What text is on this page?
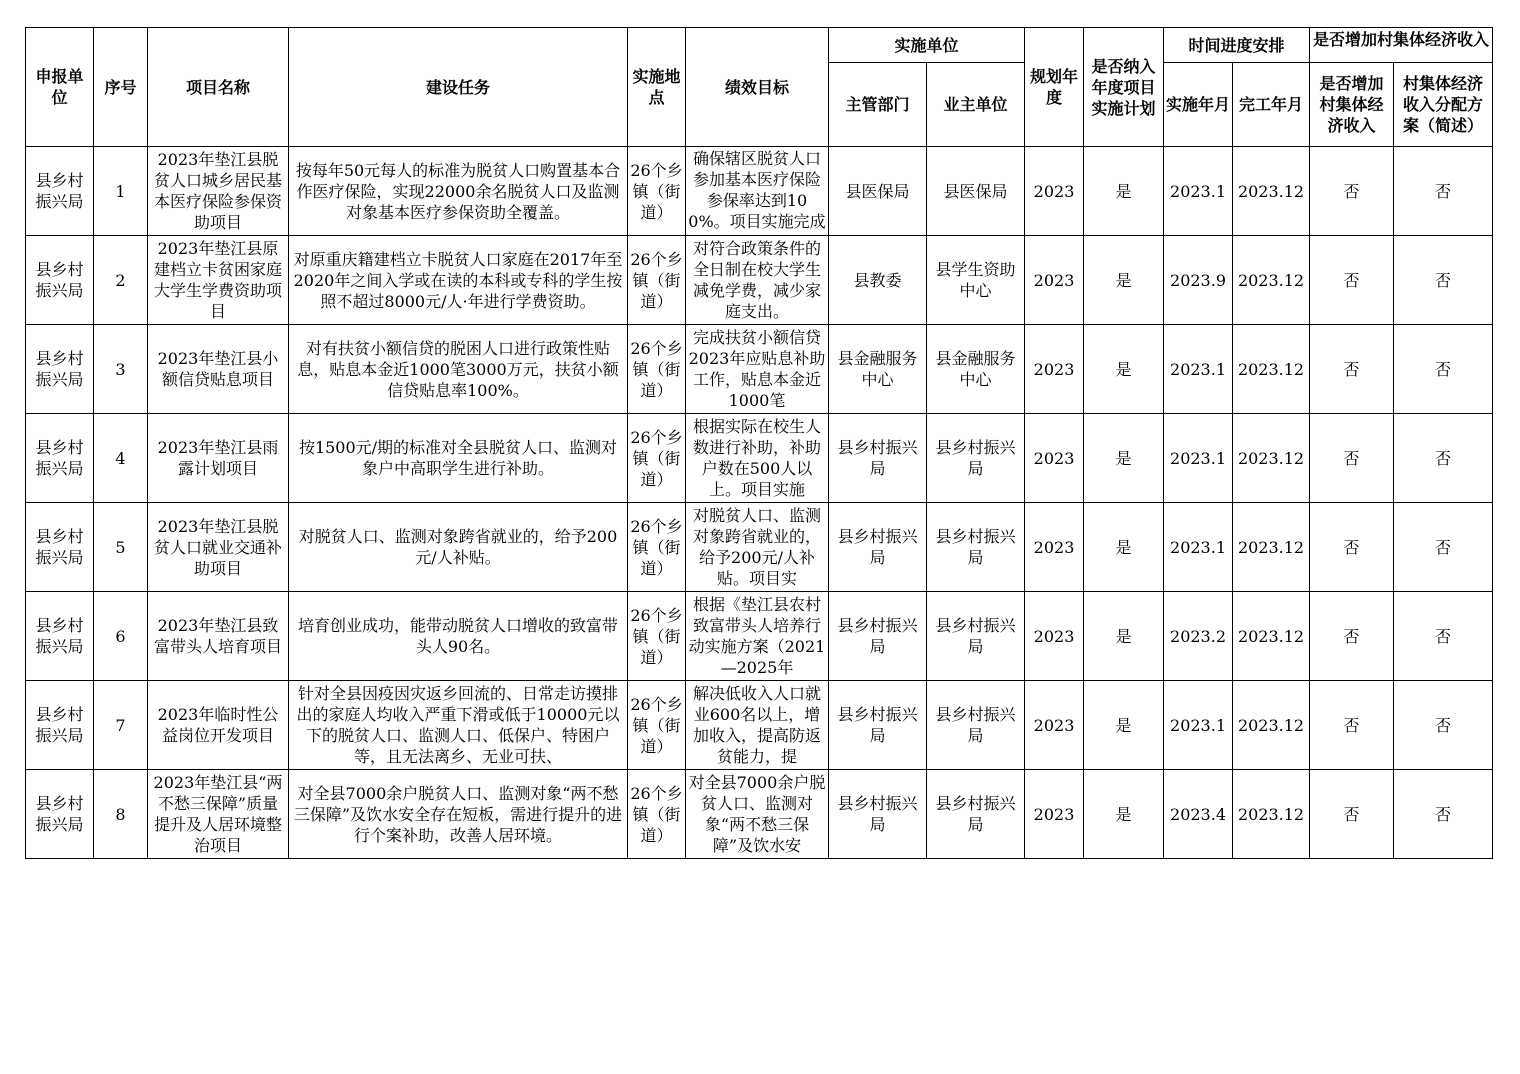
申报单位	序号	项目名称	建设任务	实施地点	绩效目标	实施单位		规划年度	是否纳入年度项目实施计划	时间进度安排		是否增加村集体经济收入	

						主管部门	业主单位			实施年月	完工年月	是否增加村集体经济收入	村集体经济收入分配方案（简述）
县乡村振兴局	1	2023年垫江县脱贫人口城乡居民基本医疗保险参保资助项目	按每年50元每人的标准为脱贫人口购置基本合作医疗保险，实现22000余名脱贫人口及监测对象基本医疗参保资助全覆盖。	26个乡镇（街道）	确保辖区脱贫人口参加基本医疗保险参保率达到100%。项目实施完成	县医保局	县医保局	2023	是	2023.1	2023.12	否	否
县乡村振兴局	2	2023年垫江县原建档立卡贫困家庭大学生学费资助项目	对原重庆籍建档立卡脱贫人口家庭在2017年至2020年之间入学或在读的本科或专科的学生按照不超过8000元/人·年进行学费资助。	26个乡镇（街道）	对符合政策条件的全日制在校大学生减免学费，减少家庭支出。	县教委	县学生资助中心	2023	是	2023.9	2023.12	否	否
县乡村振兴局	3	2023年垫江县小额信贷贴息项目	对有扶贫小额信贷的脱困人口进行政策性贴息，贴息本金近1000笔3000万元，扶贫小额信贷贴息率100%。	26个乡镇（街道）	完成扶贫小额信贷2023年应贴息补助工作，贴息本金近1000笔	县金融服务中心	县金融服务中心	2023	是	2023.1	2023.12	否	否
县乡村振兴局	4	2023年垫江县雨露计划项目	按1500元/期的标准对全县脱贫人口、监测对象户中高职学生进行补助。	26个乡镇（街道）	根据实际在校生人数进行补助，补助户数在500人以上。项目实施	县乡村振兴局	县乡村振兴局	2023	是	2023.1	2023.12	否	否
县乡村振兴局	5	2023年垫江县脱贫人口就业交通补助项目	对脱贫人口、监测对象跨省就业的，给予200元/人补贴。	26个乡镇（街道）	对脱贫人口、监测对象跨省就业的，给予200元/人补贴。项目实	县乡村振兴局	县乡村振兴局	2023	是	2023.1	2023.12	否	否
县乡村振兴局	6	2023年垫江县致富带头人培育项目	培育创业成功，能带动脱贫人口增收的致富带头人90名。	26个乡镇（街道）	根据《垫江县农村致富带头人培养行动实施方案（2021—2025年	县乡村振兴局	县乡村振兴局	2023	是	2023.2	2023.12	否	否
县乡村振兴局	7	2023年临时性公益岗位开发项目	针对全县因疫因灾返乡回流的、日常走访摸排出的家庭人均收入严重下滑或低于10000元以下的脱贫人口、监测人口、低保户、特困户等，且无法离乡、无业可扶、	26个乡镇（街道）	解决低收入人口就业600名以上，增加收入，提高防返贫能力，提	县乡村振兴局	县乡村振兴局	2023	是	2023.1	2023.12	否	否
县乡村振兴局	8	2023年垫江县“两不愁三保障”质量提升及人居环境整治项目	对全县7000余户脱贫人口、监测对象“两不愁三保障”及饮水安全存在短板，需进行提升的进行个案补助，改善人居环境。	26个乡镇（街道）	对全县7000余户脱贫人口、监测对象“两不愁三保障”及饮水安	县乡村振兴局	县乡村振兴局	2023	是	2023.4	2023.12	否	否
